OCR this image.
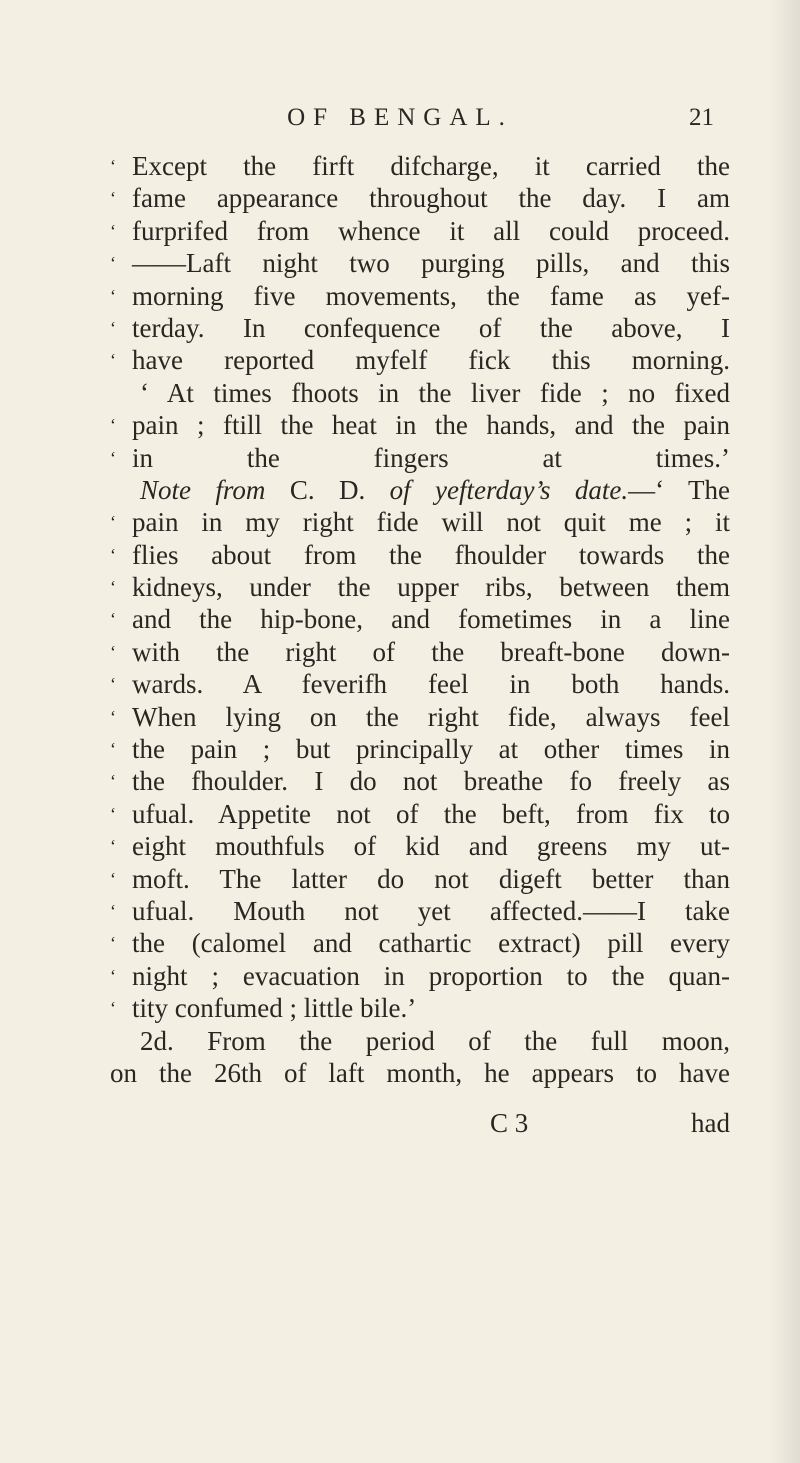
OF BENGAL.	21
‘ Except the firft difcharge, it carried the
‘ fame appearance throughout the day. I am
‘ furprifed from whence it all could proceed.
‘ ——Laft night two purging pills, and this
‘ morning five movements, the fame as yef-
‘ terday. In confequence of the above, I
‘ have reported myfelf fick this morning.
‘ At times fhoots in the liver fide ; no fixed
‘ pain ; ftill the heat in the hands, and the pain
‘ in the fingers at times.’
Note from C. D. of yefterday’s date.—‘ The
‘ pain in my right fide will not quit me ; it
‘ flies about from the fhoulder towards the
‘ kidneys, under the upper ribs, between them
‘ and the hip-bone, and fometimes in a line
‘ with the right of the breaft-bone down-
‘ wards. A feverifh feel in both hands.
‘ When lying on the right fide, always feel
‘ the pain ; but principally at other times in
‘ the fhoulder. I do not breathe fo freely as
‘ ufual. Appetite not of the beft, from fix to
‘ eight mouthfuls of kid and greens my ut-
‘ moft. The latter do not digeft better than
‘ ufual. Mouth not yet affected.——I take
‘ the (calomel and cathartic extract) pill every
‘ night ; evacuation in proportion to the quan-
‘ tity confumed ; little bile.’
2d. From the period of the full moon,
on the 26th of laft month, he appears to have
C 3	had
